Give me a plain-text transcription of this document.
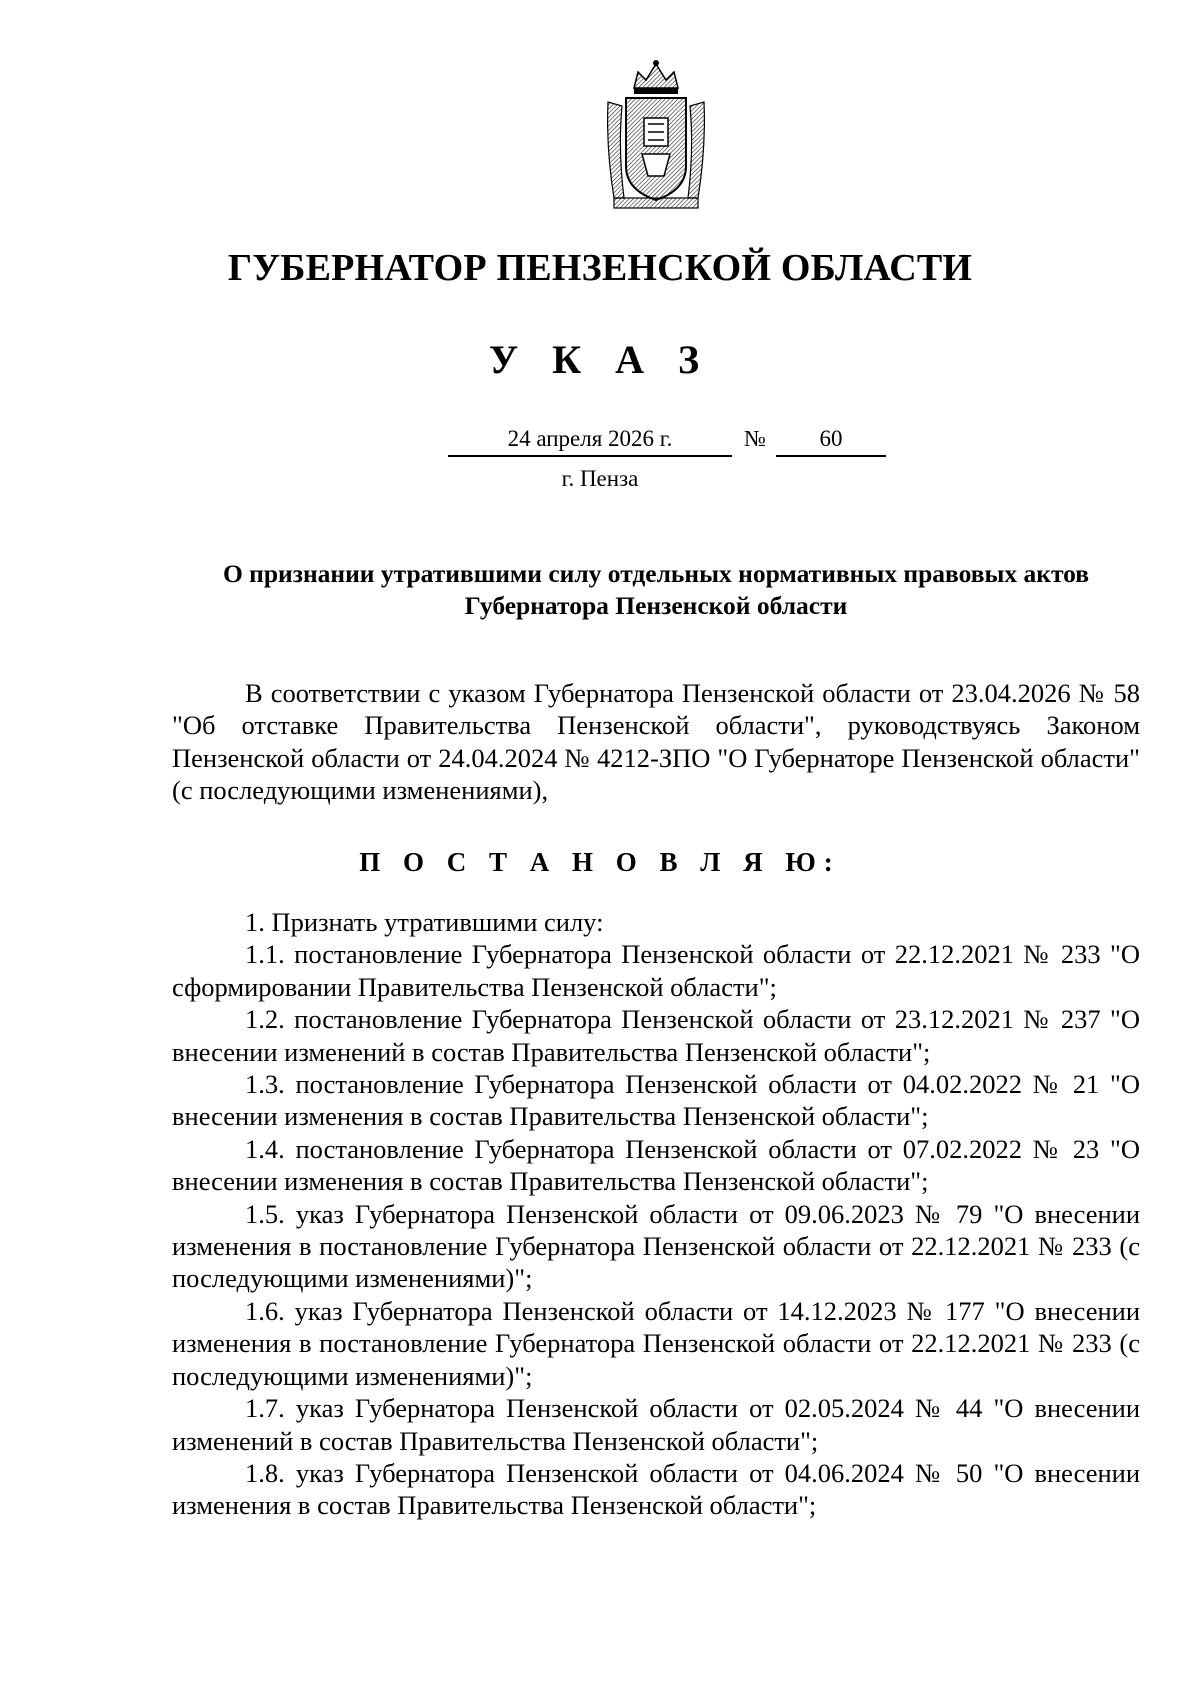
ГУБЕРНАТОР ПЕНЗЕНСКОЙ ОБЛАСТИ
У К А З
24 апреля 2026 г.	№	60
г. Пенза
О признании утратившими силу отдельных нормативных правовых актов
Губернатора Пензенской области

В соответствии с указом Губернатора Пензенской области от 23.04.2026 № 58 "Об отставке Правительства Пензенской области", руководствуясь Законом Пензенской области от 24.04.2024 № 4212-ЗПО "О Губернаторе Пензенской области" (с последующими изменениями),

П О С Т А Н О В Л Я Ю:

1. Признать утратившими силу:

1.1. постановление Губернатора Пензенской области от 22.12.2021 № 233 "О сформировании Правительства Пензенской области";

1.2. постановление Губернатора Пензенской области от 23.12.2021 № 237 "О внесении изменений в состав Правительства Пензенской области";

1.3. постановление Губернатора Пензенской области от 04.02.2022 № 21 "О внесении изменения в состав Правительства Пензенской области";

1.4. постановление Губернатора Пензенской области от 07.02.2022 № 23 "О внесении изменения в состав Правительства Пензенской области";

1.5. указ Губернатора Пензенской области от 09.06.2023 № 79 "О внесении изменения в постановление Губернатора Пензенской области от 22.12.2021 № 233 (с последующими изменениями)";

1.6. указ Губернатора Пензенской области от 14.12.2023 № 177 "О внесении изменения в постановление Губернатора Пензенской области от 22.12.2021 № 233 (с последующими изменениями)";

1.7. указ Губернатора Пензенской области от 02.05.2024 № 44 "О внесении изменений в состав Правительства Пензенской области";

1.8. указ Губернатора Пензенской области от 04.06.2024 № 50 "О внесении изменения в состав Правительства Пензенской области";
